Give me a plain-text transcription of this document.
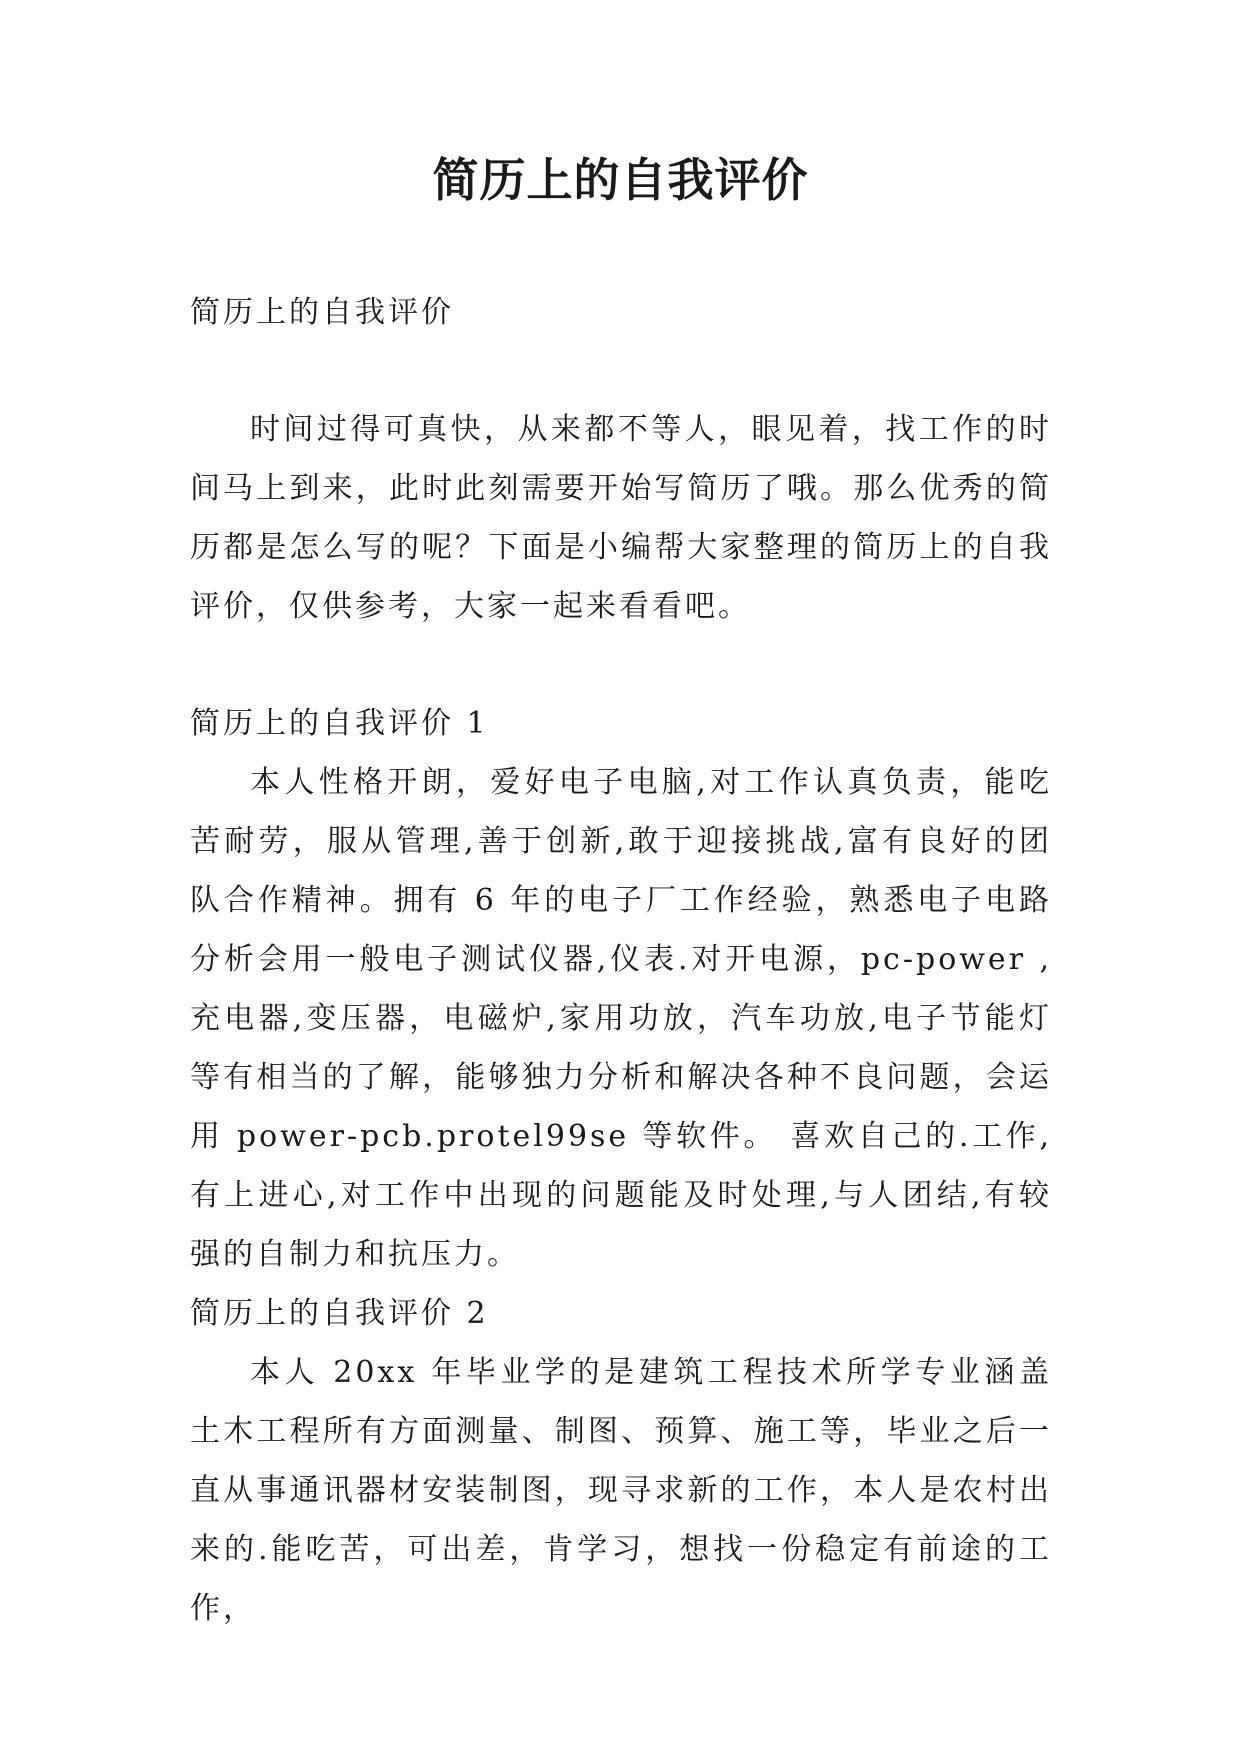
简历上的自我评价

简历上的自我评价

时间过得可真快，从来都不等人，眼见着，找工作的时间马上到来，此时此刻需要开始写简历了哦。那么优秀的简历都是怎么写的呢？下面是小编帮大家整理的简历上的自我评价，仅供参考，大家一起来看看吧。

简历上的自我评价 1

本人性格开朗，爱好电子电脑,对工作认真负责，能吃苦耐劳，服从管理,善于创新,敢于迎接挑战,富有良好的团队合作精神。拥有 6 年的电子厂工作经验，熟悉电子电路分析会用一般电子测试仪器,仪表.对开电源，pc-power ,充电器,变压器，电磁炉,家用功放，汽车功放,电子节能灯等有相当的了解，能够独力分析和解决各种不良问题，会运用 power-pcb.protel99se 等软件。 喜欢自己的.工作,有上进心,对工作中出现的问题能及时处理,与人团结,有较强的自制力和抗压力。

简历上的自我评价 2

本人 20xx 年毕业学的是建筑工程技术所学专业涵盖土木工程所有方面测量、制图、预算、施工等，毕业之后一直从事通讯器材安装制图，现寻求新的工作，本人是农村出来的.能吃苦，可出差，肯学习，想找一份稳定有前途的工作，
